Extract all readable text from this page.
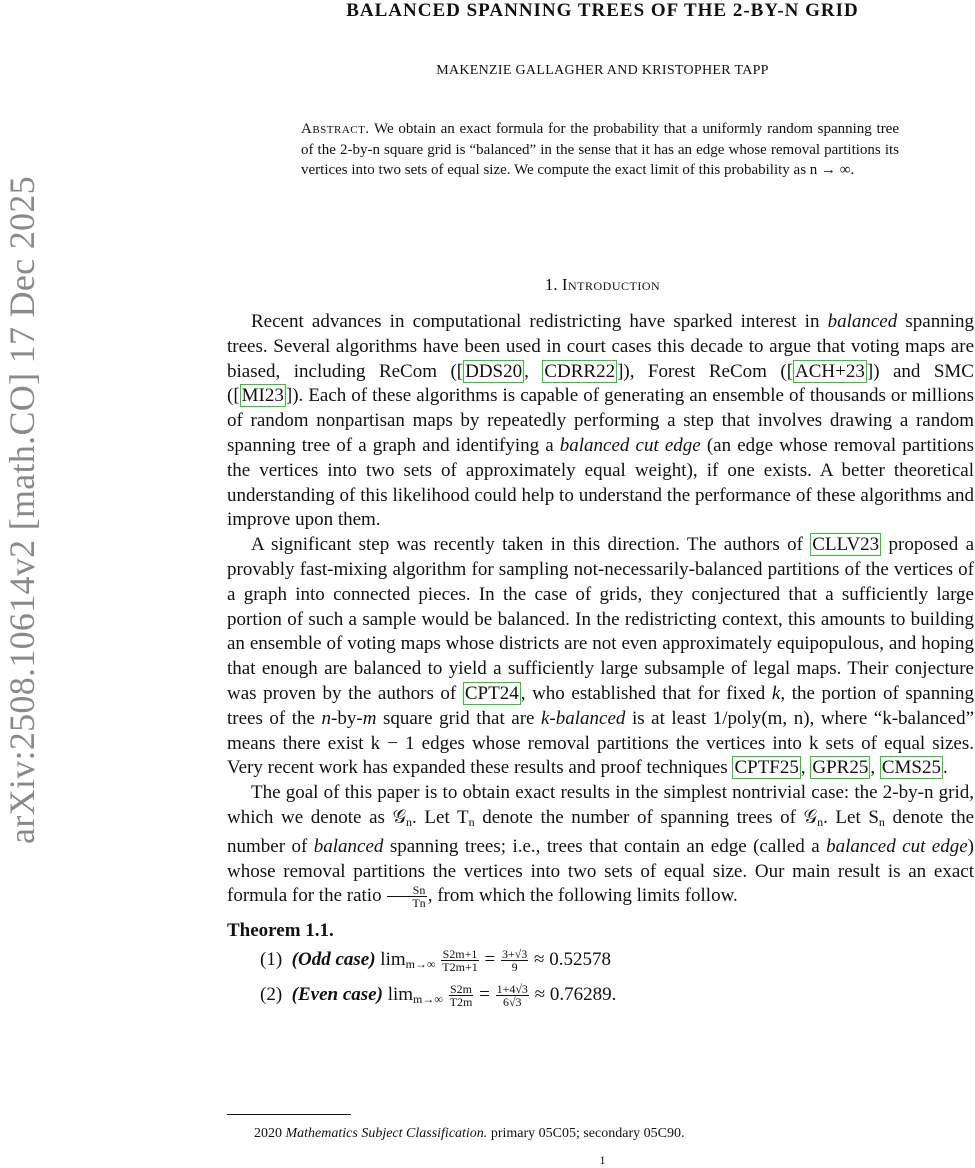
arXiv:2508.10614v2 [math.CO] 17 Dec 2025
BALANCED SPANNING TREES OF THE 2-BY-N GRID
MAKENZIE GALLAGHER AND KRISTOPHER TAPP

Abstract. We obtain an exact formula for the probability that a uniformly random spanning tree of the 2-by-n square grid is “balanced” in the sense that it has an edge whose removal partitions its vertices into two sets of equal size. We compute the exact limit of this probability as n → ∞.

1. Introduction

Recent advances in computational redistricting have sparked interest in balanced spanning trees. Several algorithms have been used in court cases this decade to argue that voting maps are biased, including ReCom ([ DDS20 , CDRR22 ]), Forest ReCom ([ ACH+23 ]) and SMC ([ MI23 ]). Each of these algorithms is capable of generating an ensemble of thousands or millions of random nonpartisan maps by repeatedly performing a step that involves drawing a random spanning tree of a graph and identifying a balanced cut edge (an edge whose removal partitions the vertices into two sets of approximately equal weight), if one exists. A better theoretical understanding of this likelihood could help to understand the performance of these algorithms and improve upon them.

A significant step was recently taken in this direction. The authors of CLLV23 proposed a provably fast-mixing algorithm for sampling not-necessarily-balanced partitions of the vertices of a graph into connected pieces. In the case of grids, they conjectured that a sufficiently large portion of such a sample would be balanced. In the redistricting context, this amounts to building an ensemble of voting maps whose districts are not even approximately equipopulous, and hoping that enough are balanced to yield a sufficiently large subsample of legal maps. Their conjecture was proven by the authors of CPT24 , who established that for fixed k, the portion of spanning trees of the n-by-m square grid that are k-balanced is at least 1/poly(m, n), where “k-balanced” means there exist k − 1 edges whose removal partitions the vertices into k sets of equal sizes. Very recent work has expanded these results and proof techniques CPTF25 , GPR25 , CMS25 .

The goal of this paper is to obtain exact results in the simplest nontrivial case: the 2-by-n grid, which we denote as 𝒢$_n$. Let $T_n$ denote the number of spanning trees of 𝒢$_n$. Let $S_n$ denote the number of balanced spanning trees; i.e., trees that contain an edge (called a balanced cut edge) whose removal partitions the vertices into two sets of equal size. Our main result is an exact formula for the ratio $\frac{Sn}{Tn}$ , from which the following limits follow.

Theorem 1.1.
(1) (Odd case) $\lim_{m\to\infty} \frac{S2m+1}{T2m+1} = \frac{3+√3}{9} \approx 0.52578$
(2) (Even case) $\lim_{m\to\infty} \frac{S2m}{T2m} = \frac{1+4√3}{6√3} \approx 0.76289$.
2020 Mathematics Subject Classification. primary 05C05; secondary 05C90.
1
